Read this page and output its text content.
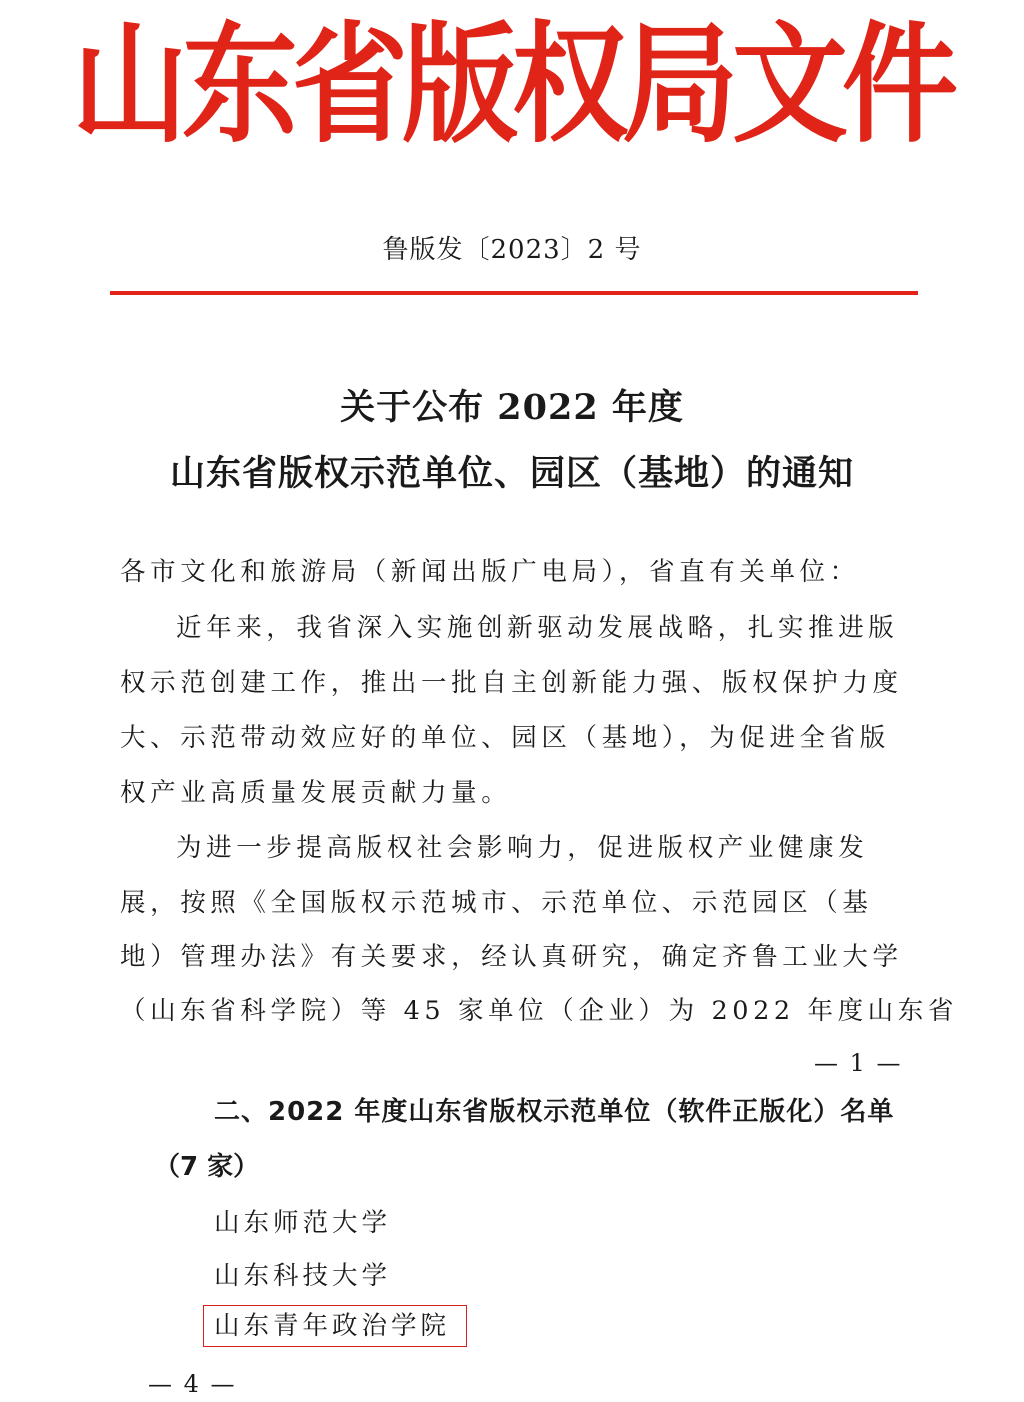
山东省版权局文件
鲁版发〔2023〕2 号
关于公布 2022 年度
山东省版权示范单位、园区（基地）的通知
各市文化和旅游局（新闻出版广电局），省直有关单位：
近年来，我省深入实施创新驱动发展战略，扎实推进版
权示范创建工作，推出一批自主创新能力强、版权保护力度
大、示范带动效应好的单位、园区（基地），为促进全省版
权产业高质量发展贡献力量。
为进一步提高版权社会影响力，促进版权产业健康发
展，按照《全国版权示范城市、示范单位、示范园区（基
地）管理办法》有关要求，经认真研究，确定齐鲁工业大学
（山东省科学院）等 45 家单位（企业）为 2022 年度山东省
— 1 —
二、2022 年度山东省版权示范单位（软件正版化）名单
（7 家）
山东师范大学
山东科技大学
山东青年政治学院
— 4 —
